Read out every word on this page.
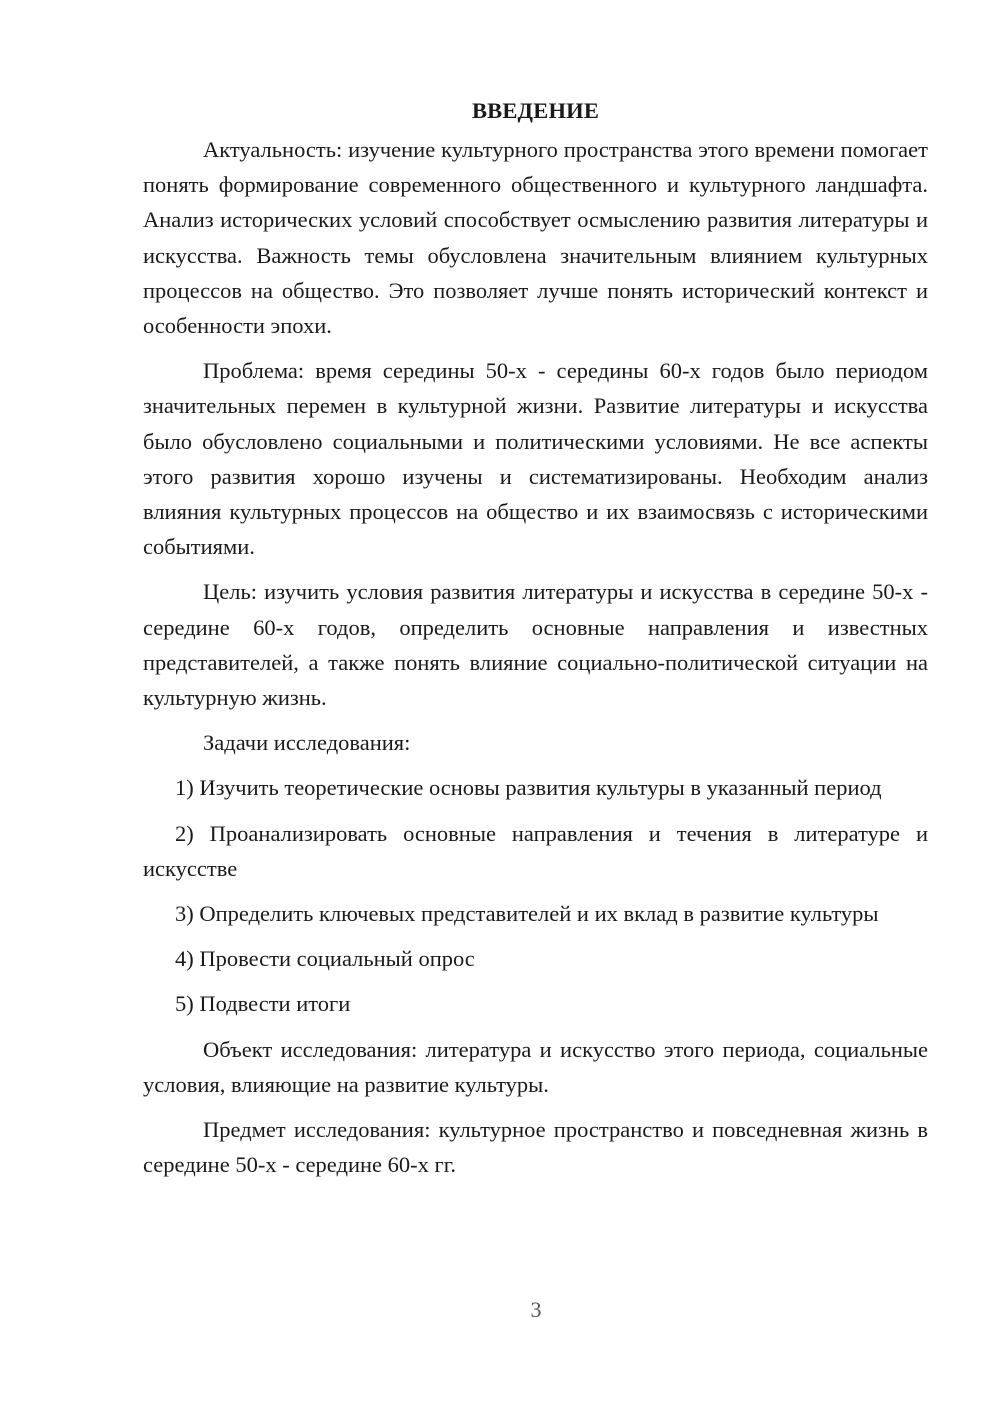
ВВЕДЕНИЕ

Актуальность: изучение культурного пространства этого времени помогает понять формирование современного общественного и культурного ландшафта. Анализ исторических условий способствует осмыслению развития литературы и искусства. Важность темы обусловлена значительным влиянием культурных процессов на общество. Это позволяет лучше понять исторический контекст и особенности эпохи.

Проблема: время середины 50-х - середины 60-х годов было периодом значительных перемен в культурной жизни. Развитие литературы и искусства было обусловлено социальными и политическими условиями. Не все аспекты этого развития хорошо изучены и систематизированы. Необходим анализ влияния культурных процессов на общество и их взаимосвязь с историческими событиями.

Цель: изучить условия развития литературы и искусства в середине 50-х - середине 60-х годов, определить основные направления и известных представителей, а также понять влияние социально-политической ситуации на культурную жизнь.

Задачи исследования:

1) Изучить теоретические основы развития культуры в указанный период

2) Проанализировать основные направления и течения в литературе и искусстве

3) Определить ключевых представителей и их вклад в развитие культуры

4) Провести социальный опрос

5) Подвести итоги

Объект исследования: литература и искусство этого периода, социальные условия, влияющие на развитие культуры.

Предмет исследования: культурное пространство и повседневная жизнь в середине 50-х - середине 60-х гг.

3
